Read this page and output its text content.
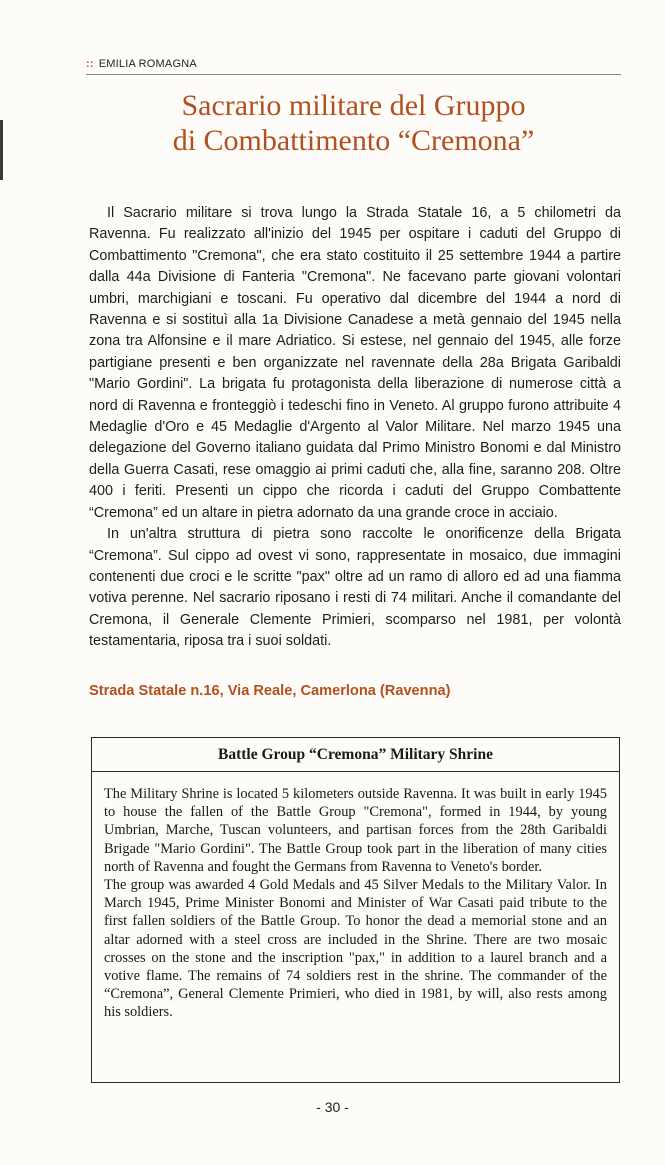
:: EMILIA ROMAGNA
Sacrario militare del Gruppo
di Combattimento “Cremona”

Il Sacrario militare si trova lungo la Strada Statale 16, a 5 chilometri da Ravenna. Fu realizzato all'inizio del 1945 per ospitare i caduti del Gruppo di Combattimento "Cremona", che era stato costituito il 25 settembre 1944 a partire dalla 44a Divisione di Fanteria "Cremona". Ne facevano parte giovani volontari umbri, marchigiani e toscani. Fu operativo dal dicembre del 1944 a nord di Ravenna e si sostituì alla 1a Divisione Canadese a metà gennaio del 1945 nella zona tra Alfonsine e il mare Adriatico. Si estese, nel gennaio del 1945, alle forze partigiane presenti e ben organizzate nel ravennate della 28a Brigata Garibaldi "Mario Gordini". La brigata fu protagonista della liberazione di numerose città a nord di Ravenna e fronteggiò i tedeschi fino in Veneto. Al gruppo furono attribuite 4 Medaglie d'Oro e 45 Medaglie d'Argento al Valor Militare. Nel marzo 1945 una delegazione del Governo italiano guidata dal Primo Ministro Bonomi e dal Ministro della Guerra Casati, rese omaggio ai primi caduti che, alla fine, saranno 208. Oltre 400 i feriti. Presenti un cippo che ricorda i caduti del Gruppo Combattente “Cremona” ed un altare in pietra adornato da una grande croce in acciaio.

In un'altra struttura di pietra sono raccolte le onorificenze della Brigata “Cremona”. Sul cippo ad ovest vi sono, rappresentate in mosaico, due immagini contenenti due croci e le scritte "pax" oltre ad un ramo di alloro ed ad una fiamma votiva perenne. Nel sacrario riposano i resti di 74 militari. Anche il comandante del Cremona, il Generale Clemente Primieri, scomparso nel 1981, per volontà testamentaria, riposa tra i suoi soldati.

Strada Statale n.16, Via Reale, Camerlona (Ravenna)
Battle Group “Cremona” Military Shrine

The Military Shrine is located 5 kilometers outside Ravenna. It was built in early 1945 to house the fallen of the Battle Group "Cremona", formed in 1944, by young Umbrian, Marche, Tuscan volunteers, and partisan forces from the 28th Garibaldi Brigade "Mario Gordini". The Battle Group took part in the liberation of many cities north of Ravenna and fought the Germans from Ravenna to Veneto's border.

The group was awarded 4 Gold Medals and 45 Silver Medals to the Military Valor. In March 1945, Prime Minister Bonomi and Minister of War Casati paid tribute to the first fallen soldiers of the Battle Group. To honor the dead a memorial stone and an altar adorned with a steel cross are included in the Shrine. There are two mosaic crosses on the stone and the inscription "pax," in addition to a laurel branch and a votive flame. The remains of 74 soldiers rest in the shrine. The commander of the “Cremona”, General Clemente Primieri, who died in 1981, by will, also rests among his soldiers.

- 30 -
